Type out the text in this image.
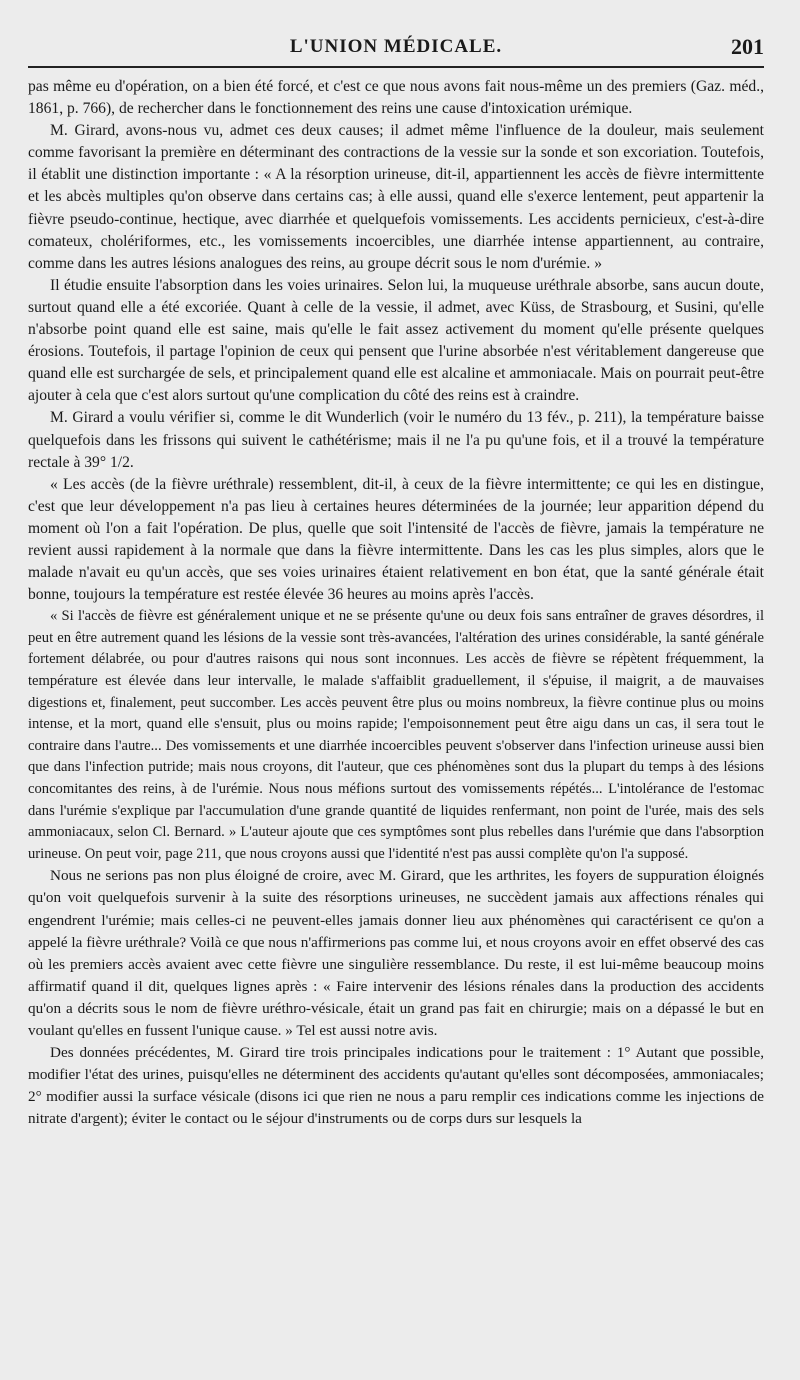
L'UNION MÉDICALE.	201

pas même eu d'opération, on a bien été forcé, et c'est ce que nous avons fait nous-même un des premiers (Gaz. méd., 1861, p. 766), de rechercher dans le fonctionnement des reins une cause d'intoxication urémique.

M. Girard, avons-nous vu, admet ces deux causes; il admet même l'influence de la douleur, mais seulement comme favorisant la première en déterminant des contractions de la vessie sur la sonde et son excoriation. Toutefois, il établit une distinction importante : « A la résorption urineuse, dit-il, appartiennent les accès de fièvre intermittente et les abcès multiples qu'on observe dans certains cas; à elle aussi, quand elle s'exerce lentement, peut appartenir la fièvre pseudo-continue, hectique, avec diarrhée et quelquefois vomissements. Les accidents pernicieux, c'est-à-dire comateux, cholériformes, etc., les vomissements incoercibles, une diarrhée intense appartiennent, au contraire, comme dans les autres lésions analogues des reins, au groupe décrit sous le nom d'urémie. »

Il étudie ensuite l'absorption dans les voies urinaires. Selon lui, la muqueuse uréthrale absorbe, sans aucun doute, surtout quand elle a été excoriée. Quant à celle de la vessie, il admet, avec Küss, de Strasbourg, et Susini, qu'elle n'absorbe point quand elle est saine, mais qu'elle le fait assez activement du moment qu'elle présente quelques érosions. Toutefois, il partage l'opinion de ceux qui pensent que l'urine absorbée n'est véritablement dangereuse que quand elle est surchargée de sels, et principalement quand elle est alcaline et ammoniacale. Mais on pourrait peut-être ajouter à cela que c'est alors surtout qu'une complication du côté des reins est à craindre.

M. Girard a voulu vérifier si, comme le dit Wunderlich (voir le numéro du 13 fév., p. 211), la température baisse quelquefois dans les frissons qui suivent le cathétérisme; mais il ne l'a pu qu'une fois, et il a trouvé la température rectale à 39° 1/2.

« Les accès (de la fièvre uréthrale) ressemblent, dit-il, à ceux de la fièvre intermittente; ce qui les en distingue, c'est que leur développement n'a pas lieu à certaines heures déterminées de la journée; leur apparition dépend du moment où l'on a fait l'opération. De plus, quelle que soit l'intensité de l'accès de fièvre, jamais la température ne revient aussi rapidement à la normale que dans la fièvre intermittente. Dans les cas les plus simples, alors que le malade n'avait eu qu'un accès, que ses voies urinaires étaient relativement en bon état, que la santé générale était bonne, toujours la température est restée élevée 36 heures au moins après l'accès.

« Si l'accès de fièvre est généralement unique et ne se présente qu'une ou deux fois sans entraîner de graves désordres, il peut en être autrement quand les lésions de la vessie sont très-avancées, l'altération des urines considérable, la santé générale fortement délabrée, ou pour d'autres raisons qui nous sont inconnues. Les accès de fièvre se répètent fréquemment, la température est élevée dans leur intervalle, le malade s'affaiblit graduellement, il s'épuise, il maigrit, a de mauvaises digestions et, finalement, peut succomber. Les accès peuvent être plus ou moins nombreux, la fièvre continue plus ou moins intense, et la mort, quand elle s'ensuit, plus ou moins rapide; l'empoisonnement peut être aigu dans un cas, il sera tout le contraire dans l'autre... Des vomissements et une diarrhée incoercibles peuvent s'observer dans l'infection urineuse aussi bien que dans l'infection putride; mais nous croyons, dit l'auteur, que ces phénomènes sont dus la plupart du temps à des lésions concomitantes des reins, à de l'urémie. Nous nous méfions surtout des vomissements répétés... L'intolérance de l'estomac dans l'urémie s'explique par l'accumulation d'une grande quantité de liquides renfermant, non point de l'urée, mais des sels ammoniacaux, selon Cl. Bernard. » L'auteur ajoute que ces symptômes sont plus rebelles dans l'urémie que dans l'absorption urineuse. On peut voir, page 211, que nous croyons aussi que l'identité n'est pas aussi complète qu'on l'a supposé.

Nous ne serions pas non plus éloigné de croire, avec M. Girard, que les arthrites, les foyers de suppuration éloignés qu'on voit quelquefois survenir à la suite des résorptions urineuses, ne succèdent jamais aux affections rénales qui engendrent l'urémie; mais celles-ci ne peuvent-elles jamais donner lieu aux phénomènes qui caractérisent ce qu'on a appelé la fièvre uréthrale? Voilà ce que nous n'affirmerions pas comme lui, et nous croyons avoir en effet observé des cas où les premiers accès avaient avec cette fièvre une singulière ressemblance. Du reste, il est lui-même beaucoup moins affirmatif quand il dit, quelques lignes après : « Faire intervenir des lésions rénales dans la production des accidents qu'on a décrits sous le nom de fièvre uréthro-vésicale, était un grand pas fait en chirurgie; mais on a dépassé le but en voulant qu'elles en fussent l'unique cause. » Tel est aussi notre avis.

Des données précédentes, M. Girard tire trois principales indications pour le traitement : 1° Autant que possible, modifier l'état des urines, puisqu'elles ne déterminent des accidents qu'autant qu'elles sont décomposées, ammoniacales; 2° modifier aussi la surface vésicale (disons ici que rien ne nous a paru remplir ces indications comme les injections de nitrate d'argent); éviter le contact ou le séjour d'instruments ou de corps durs sur lesquels la
